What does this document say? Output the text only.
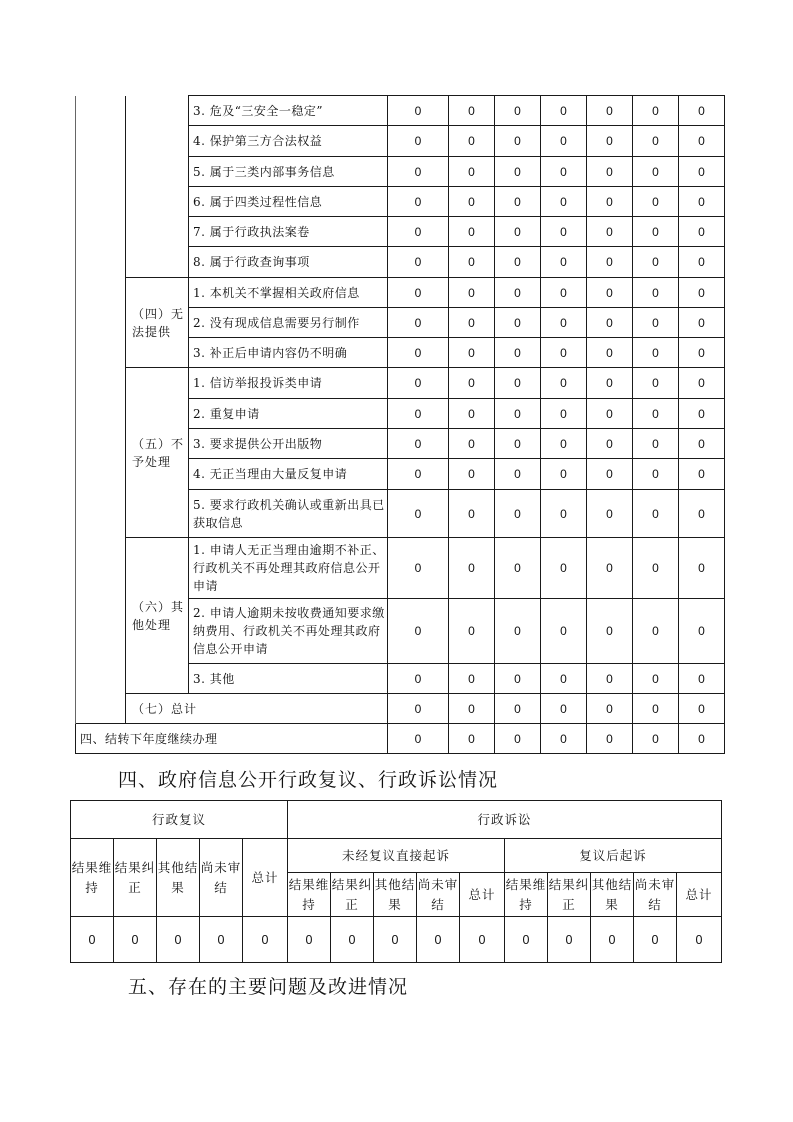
		3. 危及“三安全一稳定”	0	0	0	0	0	0	0
		4. 保护第三方合法权益	0	0	0	0	0	0	0
		5. 属于三类内部事务信息	0	0	0	0	0	0	0
		6. 属于四类过程性信息	0	0	0	0	0	0	0
		7. 属于行政执法案卷	0	0	0	0	0	0	0
		8. 属于行政查询事项	0	0	0	0	0	0	0
	（四）无法提供	1. 本机关不掌握相关政府信息	0	0	0	0	0	0	0
		2. 没有现成信息需要另行制作	0	0	0	0	0	0	0
		3. 补正后申请内容仍不明确	0	0	0	0	0	0	0
	（五）不予处理	1. 信访举报投诉类申请	0	0	0	0	0	0	0
		2. 重复申请	0	0	0	0	0	0	0
		3. 要求提供公开出版物	0	0	0	0	0	0	0
		4. 无正当理由大量反复申请	0	0	0	0	0	0	0
		5. 要求行政机关确认或重新出具已获取信息	0	0	0	0	0	0	0
	（六）其他处理	1. 申请人无正当理由逾期不补正、行政机关不再处理其政府信息公开申请	0	0	0	0	0	0	0
		2. 申请人逾期未按收费通知要求缴纳费用、行政机关不再处理其政府信息公开申请	0	0	0	0	0	0	0
		3. 其他	0	0	0	0	0	0	0
	（七）总计		0	0	0	0	0	0	0
四、结转下年度继续办理			0	0	0	0	0	0	0
四、政府信息公开行政复议、行政诉讼情况
行政复议					行政诉讼									
结果维持	结果纠正	其他结果	尚未审结	总计	未经复议直接起诉					复议后起诉				
					结果维持	结果纠正	其他结果	尚未审结	总计	结果维持	结果纠正	其他结果	尚未审结	总计
0	0	0	0	0	0	0	0	0	0	0	0	0	0	0
五、存在的主要问题及改进情况
